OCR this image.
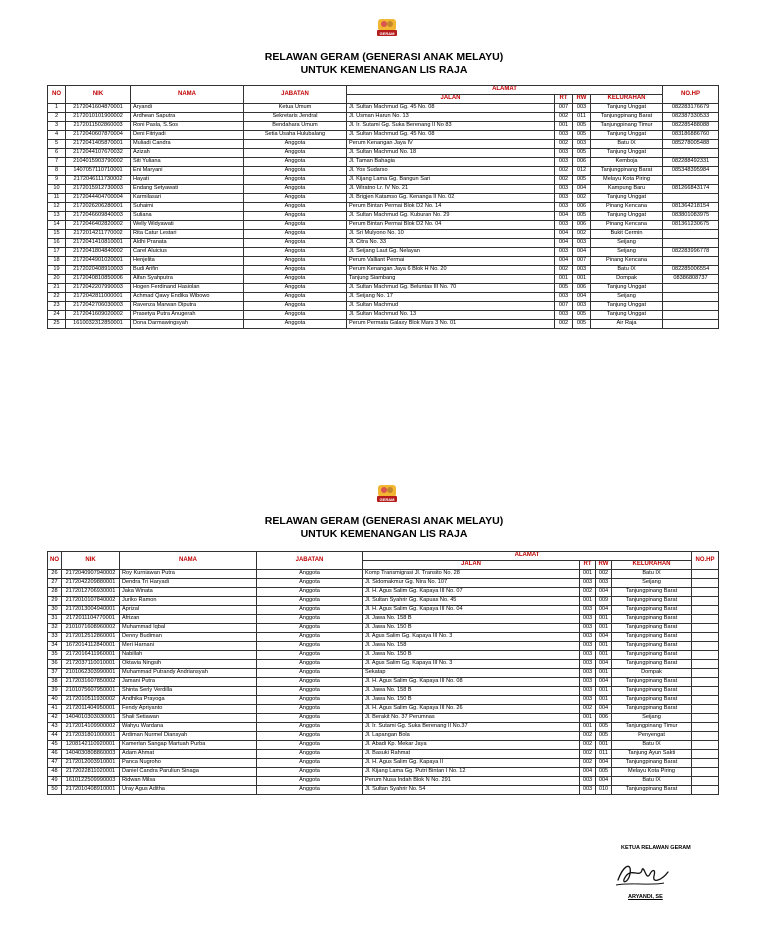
GERAM
RELAWAN GERAM (GENERASI ANAK MELAYU)
UNTUK KEMENANGAN LIS RAJA
NO	NIK	NAMA	JABATAN	ALAMAT				NO.HP
				JALAN	RT	RW	KELURAHAN	
1	2172041604870001	Aryandi	Ketua Umum	Jl. Sultan Machmud Gg. 45 No. 08	007	003	Tanjung Unggat	082283176679
2	2172010101900002	Ardhean Saputra	Sekretaris Jendral	Jl. Usman Harun No. 13	002	011	Tanjungpinang Barat	082387330533
3	2172011502860003	Roni Pasla, S.Sos	Bendahara Umum	Jl. Ir. Sutami Gg. Suka Berenang II No 83	001	005	Tanjungpinang Timur	082285488088
4	2172040607870004	Deni Fitriyadi	Setia Usaha Hulubalang	Jl. Sultan Machmud Gg. 45 No. 08	003	005	Tanjung Unggat	083186886760
5	2172041405870001	Muliadi Candra	Anggota	Perum Kenangan Jaya IV	002	003	Batu IX	085278005488
6	2172044107670032	Azizah	Anggota	Jl. Sultan Machmud No. 18	003	005	Tanjung Unggat	
7	2104015903790002	Siti Yuliana	Anggota	Jl. Taman Bahagia	003	006	Kemboja	082288492331
8	1407057110710001	Eni Maryani	Anggota	Jl. Yos Sudarso	002	012	Tanjungpinang Barat	085348395984
9	2172046111730002	Hayati	Anggota	Jl. Kijang Lama Gg. Bangun Sari	002	005	Melayu Kota Piring	
10	2172015912730003	Endang Setyawati	Anggota	Jl. Wiratno Lr. IV No. 21	003	004	Kampung Baru	081266843174
11	2172044404700004	Karmilasari	Anggota	Jl. Brigjen Katamso Gg. Kenanga II No. 02	003	002	Tanjung Unggat	
12	2172026206280001	Suhaimi	Anggota	Perum Bintan Permai Blok D2 No. 14	003	006	Pinang Kencana	081364218154
13	2172046609840003	Suliana	Anggota	Jl. Sultan Machmud Gg. Kuburan No. 29	004	005	Tanjung Unggat	083801083975
14	2172046402820002	Welly Widyawati	Anggota	Perum Bintan Permai Blok D2 No. 04	003	006	Pinang Kencana	081361230675
15	2172014211770002	Rita Catur Lestari	Anggota	Jl. Sri Mulyono No. 10	004	002	Bukit Cermin	
16	2172041410810001	Aldhi Pranata	Anggota	Jl. Citra No. 33	004	003	Seijang	
17	2172041804840002	Carel Aluicius	Anggota	Jl. Seijang Laut Gg. Nelayan	003	004	Seijang	082283996778
18	2172044901020001	Henjelita	Anggota	Perum Valliant Permai	004	007	Pinang Kencana	
19	2172020408910003	Budi Arifin	Anggota	Perum Kenangan Jaya 6 Blok H No. 20	002	003	Batu IX	082285006554
20	2172040810850006	Alfan Syahputra	Anggota	Tanjung Siambang	001	001	Dompak	08386808737
21	2172042207990003	Hogen Ferdinand Hasiolan	Anggota	Jl. Sultan Machmud Gg. Beluntas III No. 70	005	006	Tanjung Unggat	
22	2172042811000001	Achmad Qawy Endika Wibowo	Anggota	Jl. Seijang No. 17	003	004	Seijang	
23	2172042706030003	Ravenza Marwan Diputra	Anggota	Jl. Sultan Machmud	007	003	Tanjung Unggat	
24	2172041609020002	Prasetya Putra Anugerah	Anggota	Jl. Sultan Machmud No. 13	003	005	Tanjung Unggat	
25	1610032312850001	Dona Darmawingsyah	Anggota	Perum Permata Galaxy Blok Mars 3 No. 01	002	005	Air Raja	
GERAM
RELAWAN GERAM (GENERASI ANAK MELAYU)
UNTUK KEMENANGAN LIS RAJA
NO	NIK	NAMA	JABATAN	ALAMAT				NO.HP
				JALAN	RT	RW	KELURAHAN	
26	2172040907940002	Roy Kurniawan Putra	Anggota	Komp Transmigrasi Jl. Transito No. 28	001	002	Batu IX	
27	2172042209880001	Dendra Tri Haryadi	Anggota	Jl. Sidomakmur Gg. Nira No. 107	003	003	Seijang	
28	2172012706930001	Jaka Winata	Anggota	Jl. H. Agus Salim Gg. Kapaya III No. 07	002	004	Tanjungpinang Barat	
29	2172010107840002	Juriko Ramon	Anggota	Jl. Sultan Syahrir Gg. Kapuas No. 45	001	009	Tanjungpinang Barat	
30	2172013004940001	Aprizal	Anggota	Jl. H. Agus Salim Gg. Kapaya III No. 04	003	004	Tanjungpinang Barat	
31	2172011104770001	Afrizan	Anggota	Jl. Jawa No. 158 B	003	001	Tanjungpinang Barat	
32	2101071608960002	Muhammad Iqbal	Anggota	Jl. Jawa No. 150 B	003	001	Tanjungpinang Barat	
33	2172012512860001	Denny Budiman	Anggota	Jl. Agus Salim Gg. Kapaya III No. 3	003	004	Tanjungpinang Barat	
34	1672014112840001	Meri Harnani	Anggota	Jl. Jawa No. 158	003	001	Tanjungpinang Barat	
35	2172016411960001	Nabillah	Anggota	Jl. Jawa No. 150 B	003	001	Tanjungpinang Barat	
36	2172037110010001	Oktavia Ningsih	Anggota	Jl. Agus Salim Gg. Kapaya III No. 3	003	004	Tanjungpinang Barat	
37	2101062303990001	Muhammad Putrandy Andriansyah	Anggota	Sekatap	003	001	Dompak	
38	2172031607850002	Jamani Putra	Anggota	Jl. H. Agus Salim Gg. Kapaya III No. 08	003	004	Tanjungpinang Barat	
39	2101075607950001	Shinta Serly Verdilla	Anggota	Jl. Jawa No. 158 B	003	001	Tanjungpinang Barat	
40	2172010511930002	Andhika Prayoga	Anggota	Jl. Jawa No. 150 B	003	001	Tanjungpinang Barat	
41	2172011404950001	Fendy Apriyanto	Anggota	Jl. H. Agus Salim Gg. Kapaya III No. 26	002	004	Tanjungpinang Barat	
42	1404010303030001	Shali Setiawan	Anggota	Jl. Berakit No. 37 Perumnas	001	006	Seijang	
43	2172014109900002	Wahyu Wardana	Anggota	Jl. Ir. Sutami Gg. Suka Berenang II No.37	001	005	Tanjungpinang Timur	
44	2172031801000001	Ardiman Nurmel Diansyah	Anggota	Jl. Lapangan Bola	002	005	Penyengat	
45	1208142110920001	Kamerlan Sangap Martuah Purba	Anggota	Jl. Abadi Kp. Mekar Jaya	002	001	Batu IX	
46	1404030808860003	Adam Ahmat	Anggota	Jl. Basuki Rahmat	002	011	Tanjung Ayun Sakti	
47	2172012003910001	Panca Nugroho	Anggota	Jl. H. Agus Salim Gg. Kapaya II	002	004	Tanjungpinang Barat	
48	2172022811020001	Daniel Candra Paruliun Sinaga	Anggota	Jl. Kijang Lama Gg. Putri Bintan I No. 12	004	005	Melayu Kota Piring	
49	1610122509990003	Ridwan Milsa	Anggota	Perum Nusa Indah Blok N No. 291	003	004	Batu IX	
50	2172010408910001	Uray Agus Aditha	Anggota	Jl. Sultan Syahrir No. 54	003	010	Tanjungpinang Barat	
KETUA RELAWAN GERAM
ARYANDI, SE
